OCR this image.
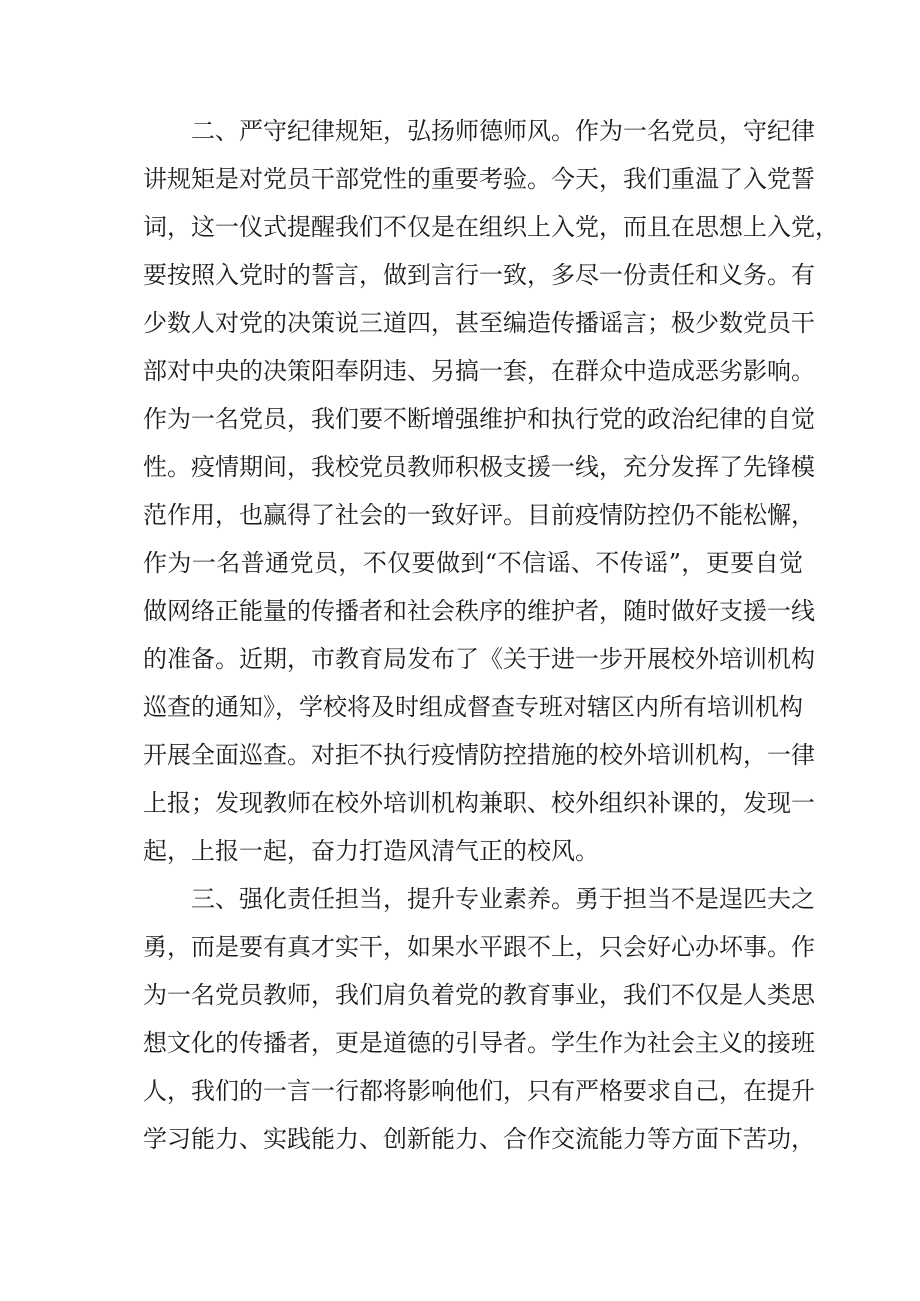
二、严守纪律规矩，弘扬师德师风。作为一名党员，守纪律
讲规矩是对党员干部党性的重要考验。今天，我们重温了入党誓
词，这一仪式提醒我们不仅是在组织上入党，而且在思想上入党，
要按照入党时的誓言，做到言行一致，多尽一份责任和义务。有
少数人对党的决策说三道四，甚至编造传播谣言；极少数党员干
部对中央的决策阳奉阴违、另搞一套，在群众中造成恶劣影响。
作为一名党员，我们要不断增强维护和执行党的政治纪律的自觉
性。疫情期间，我校党员教师积极支援一线，充分发挥了先锋模
范作用，也赢得了社会的一致好评。目前疫情防控仍不能松懈，
作为一名普通党员，不仅要做到“不信谣、不传谣”，更要自觉
做网络正能量的传播者和社会秩序的维护者，随时做好支援一线
的准备。近期，市教育局发布了《关于进一步开展校外培训机构
巡查的通知》，学校将及时组成督查专班对辖区内所有培训机构
开展全面巡查。对拒不执行疫情防控措施的校外培训机构，一律
上报；发现教师在校外培训机构兼职、校外组织补课的，发现一
起，上报一起，奋力打造风清气正的校风。
三、强化责任担当，提升专业素养。勇于担当不是逞匹夫之
勇，而是要有真才实干，如果水平跟不上，只会好心办坏事。作
为一名党员教师，我们肩负着党的教育事业，我们不仅是人类思
想文化的传播者，更是道德的引导者。学生作为社会主义的接班
人，我们的一言一行都将影响他们，只有严格要求自己，在提升
学习能力、实践能力、创新能力、合作交流能力等方面下苦功，
